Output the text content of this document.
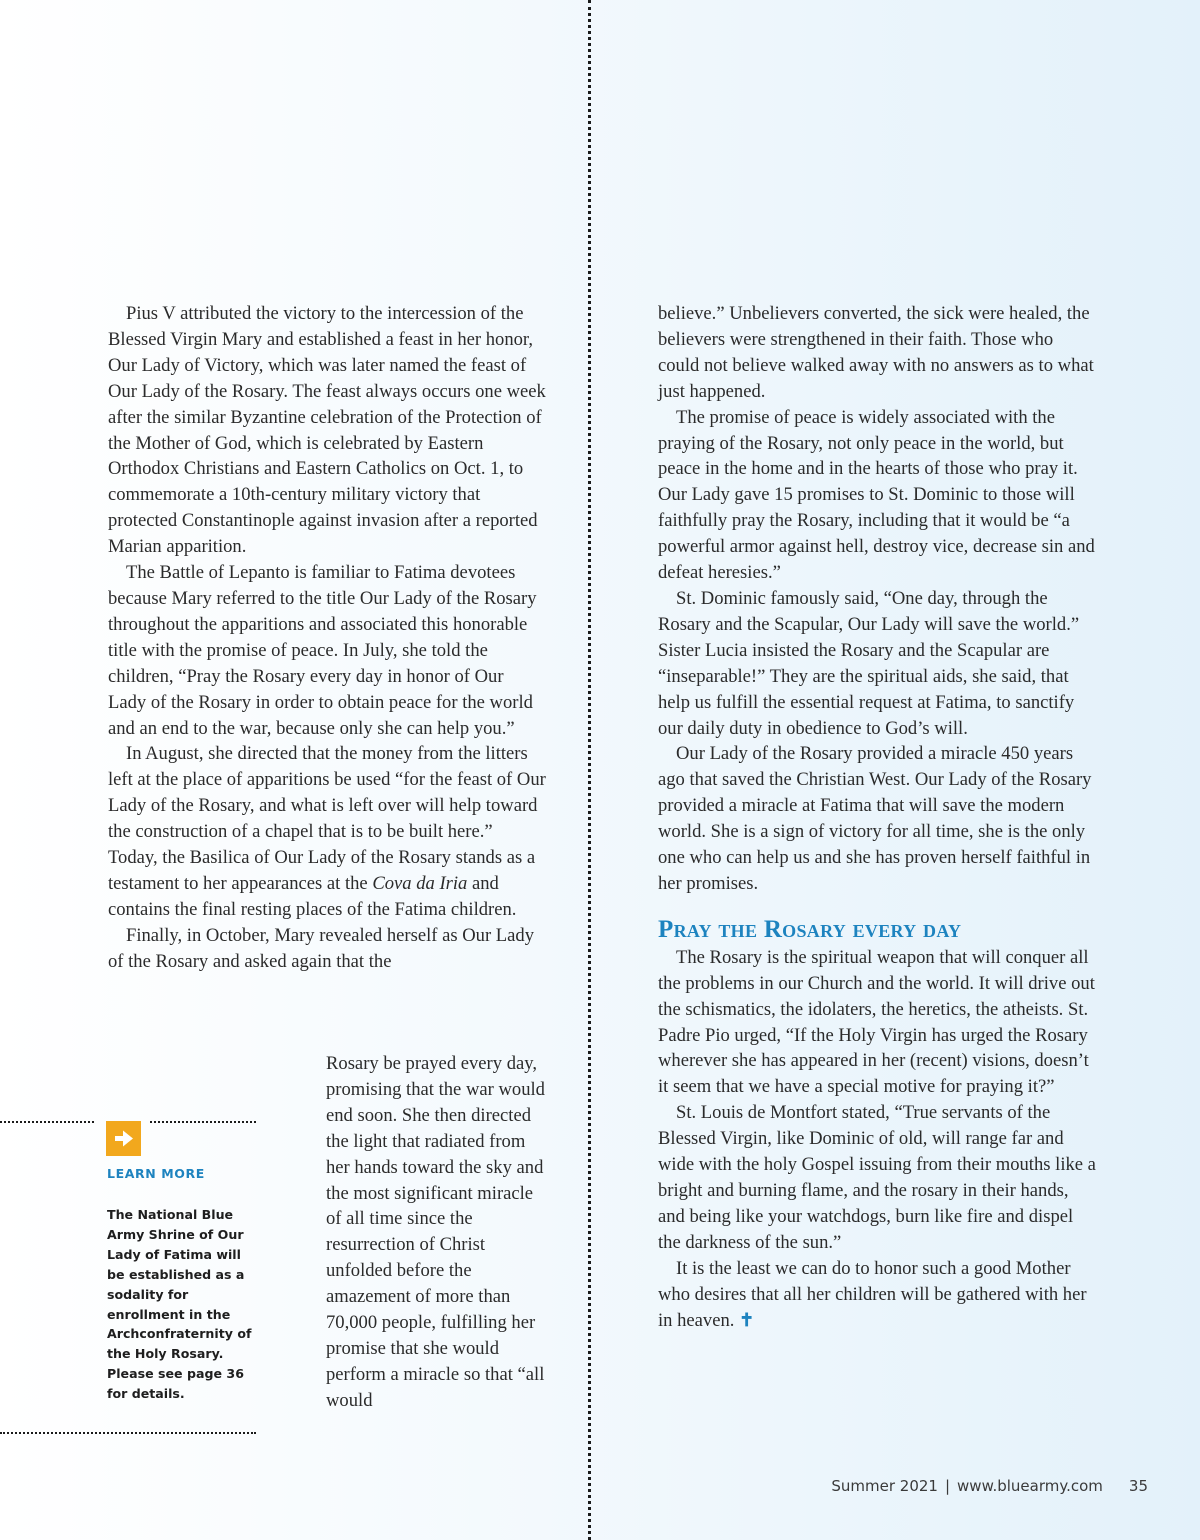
Pius V attributed the victory to the intercession of the Blessed Virgin Mary and established a feast in her honor, Our Lady of Victory, which was later named the feast of Our Lady of the Rosary. The feast always occurs one week after the similar Byzantine celebration of the Protection of the Mother of God, which is celebrated by Eastern Orthodox Christians and Eastern Catholics on Oct. 1, to commemorate a 10th-century military victory that protected Constantinople against invasion after a reported Marian apparition.

The Battle of Lepanto is familiar to Fatima devotees because Mary referred to the title Our Lady of the Rosary throughout the apparitions and associated this honorable title with the promise of peace. In July, she told the children, “Pray the Rosary every day in honor of Our Lady of the Rosary in order to obtain peace for the world and an end to the war, because only she can help you.”

In August, she directed that the money from the litters left at the place of apparitions be used “for the feast of Our Lady of the Rosary, and what is left over will help toward the construction of a chapel that is to be built here.” Today, the Basilica of Our Lady of the Rosary stands as a testament to her appearances at the Cova da Iria and contains the final resting places of the Fatima children.

Finally, in October, Mary revealed herself as Our Lady of the Rosary and asked again that the

Rosary be prayed every day, promising that the war would end soon. She then directed the light that radiated from her hands toward the sky and the most significant miracle of all time since the resurrection of Christ unfolded before the amazement of more than 70,000 people, fulfilling her promise that she would perform a miracle so that “all would

LEARN MORE
The National Blue Army Shrine of Our Lady of Fatima will be established as a sodality for enrollment in the Archconfraternity of the Holy Rosary. Please see page 36 for details.

believe.” Unbelievers converted, the sick were healed, the believers were strengthened in their faith. Those who could not believe walked away with no answers as to what just happened.

The promise of peace is widely associated with the praying of the Rosary, not only peace in the world, but peace in the home and in the hearts of those who pray it. Our Lady gave 15 promises to St. Dominic to those will faithfully pray the Rosary, including that it would be “a powerful armor against hell, destroy vice, decrease sin and defeat heresies.”

St. Dominic famously said, “One day, through the Rosary and the Scapular, Our Lady will save the world.” Sister Lucia insisted the Rosary and the Scapular are “inseparable!” They are the spiritual aids, she said, that help us fulfill the essential request at Fatima, to sanctify our daily duty in obedience to God’s will.

Our Lady of the Rosary provided a miracle 450 years ago that saved the Christian West. Our Lady of the Rosary provided a miracle at Fatima that will save the modern world. She is a sign of victory for all time, she is the only one who can help us and she has proven herself faithful in her promises.

Pray the Rosary every day

The Rosary is the spiritual weapon that will conquer all the problems in our Church and the world. It will drive out the schismatics, the idolaters, the heretics, the atheists. St. Padre Pio urged, “If the Holy Virgin has urged the Rosary wherever she has appeared in her (recent) visions, doesn’t it seem that we have a special motive for praying it?”

St. Louis de Montfort stated, “True servants of the Blessed Virgin, like Dominic of old, will range far and wide with the holy Gospel issuing from their mouths like a bright and burning flame, and the rosary in their hands, and being like your watchdogs, burn like fire and dispel the darkness of the sun.”

It is the least we can do to honor such a good Mother who desires that all her children will be gathered with her in heaven. ✝

Summer 2021 | www.bluearmy.com 35
